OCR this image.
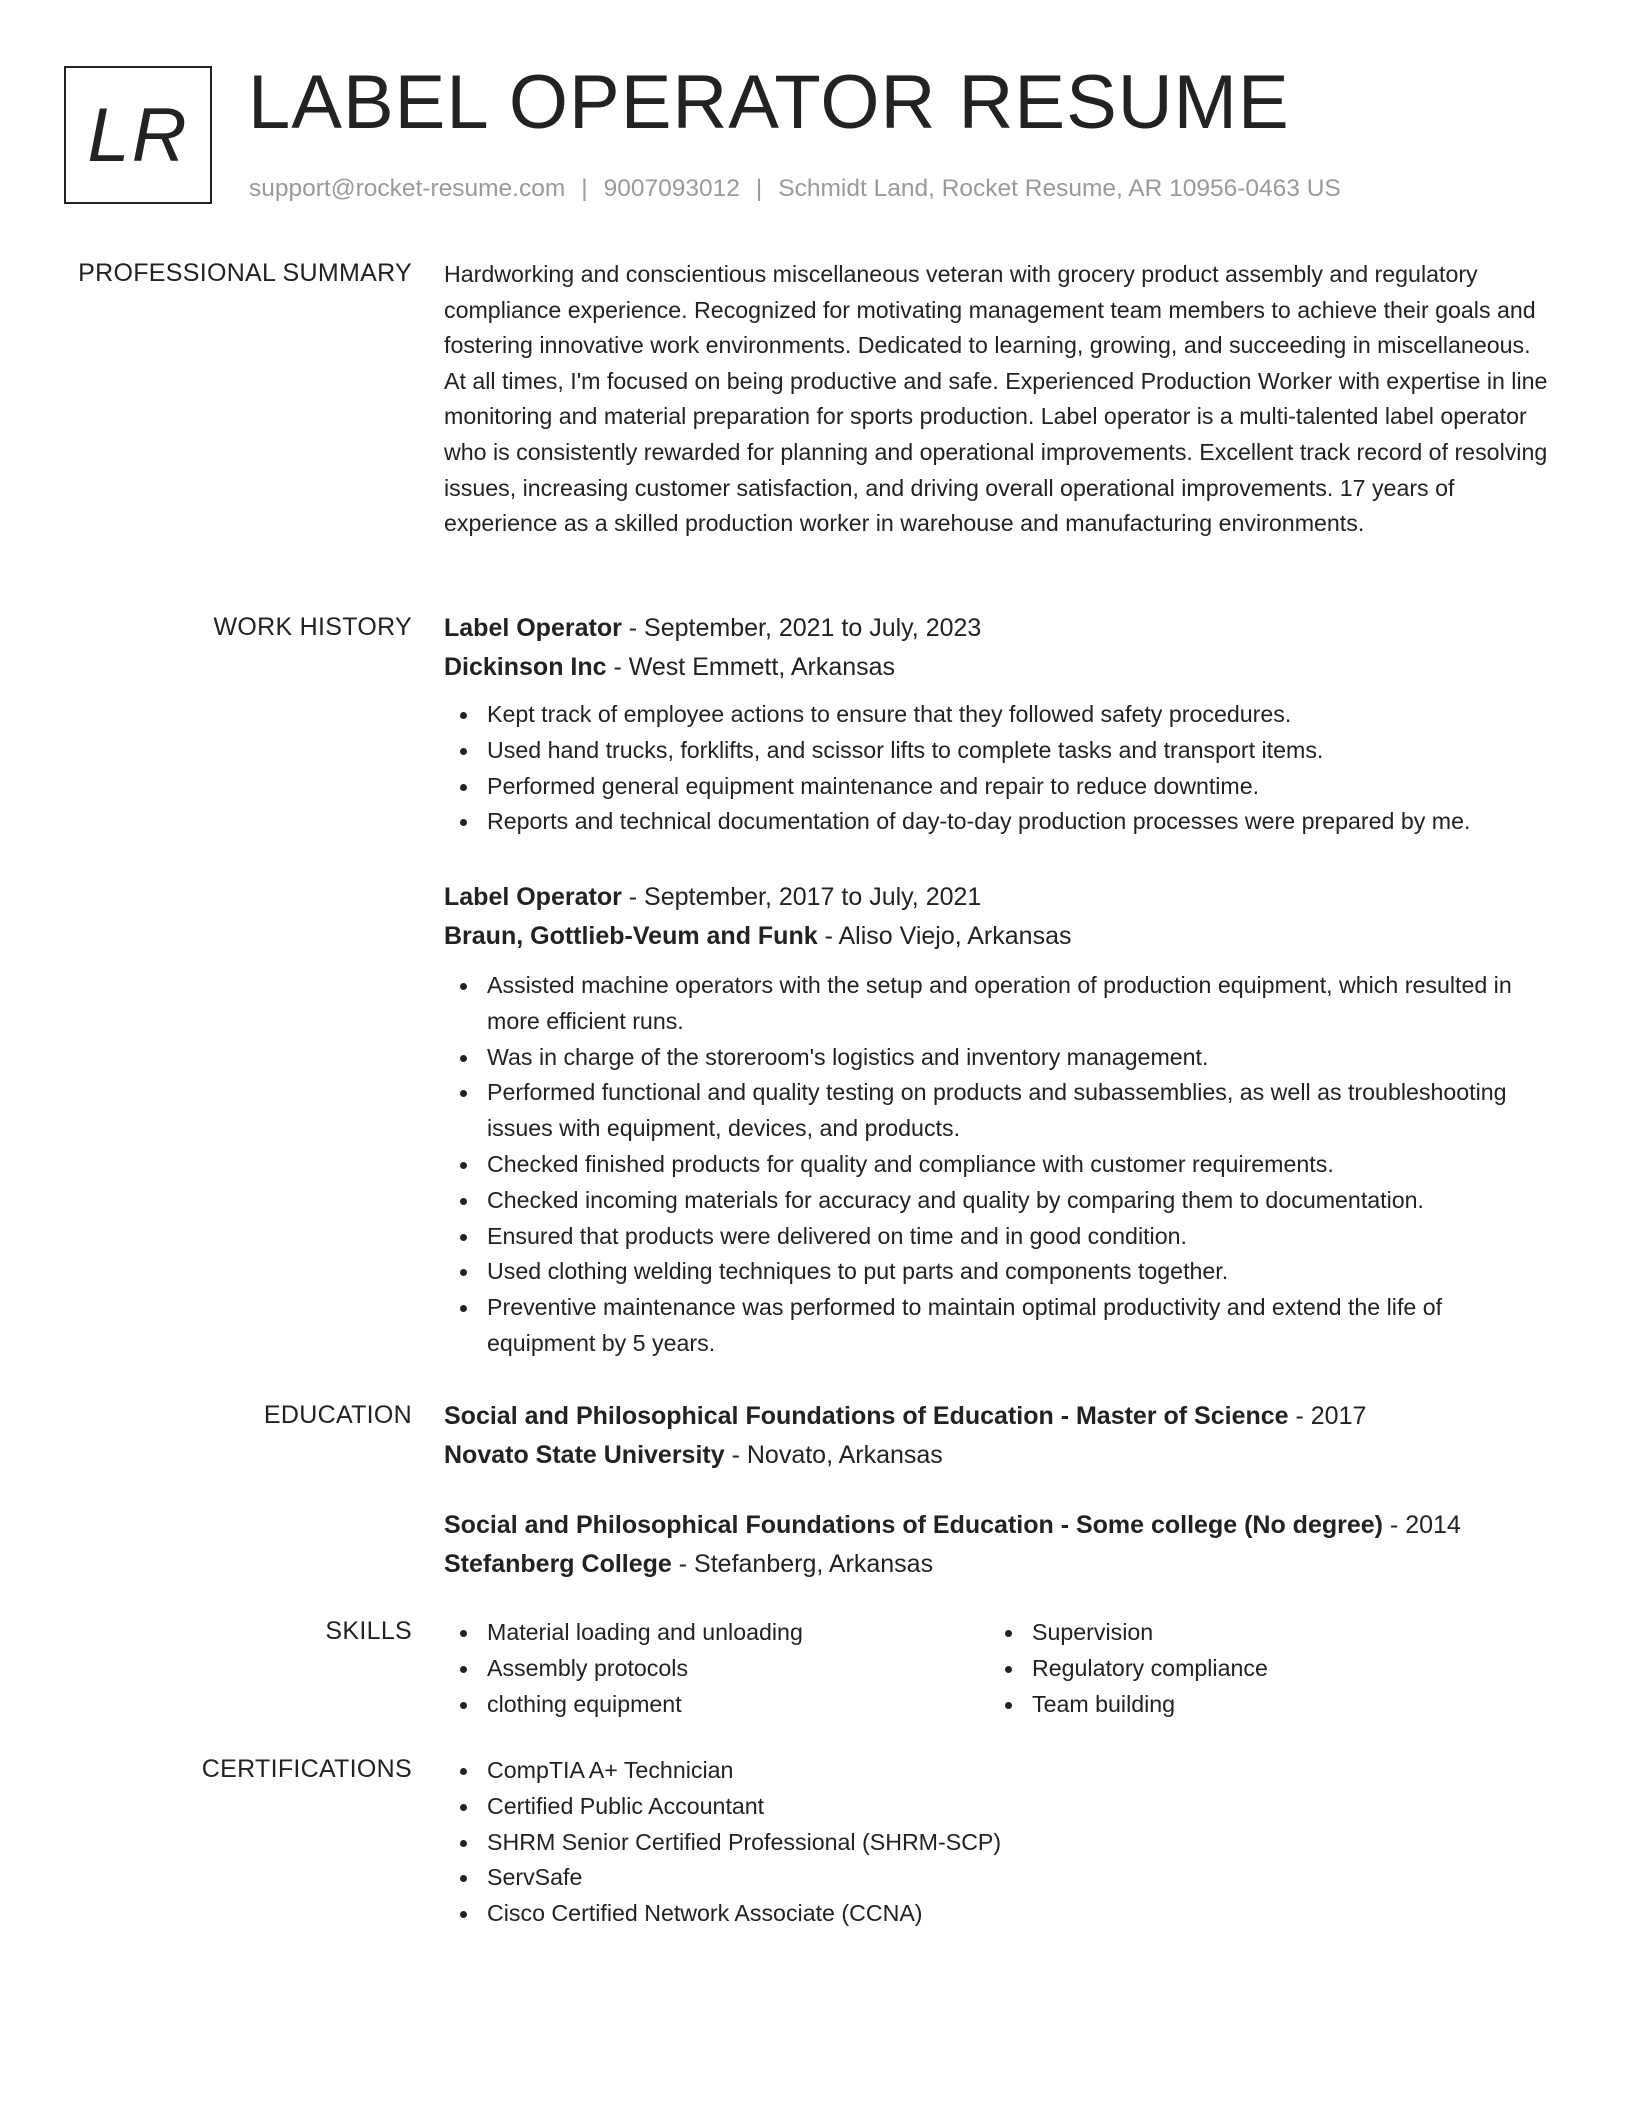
LR LABEL OPERATOR RESUME
support@rocket-resume.com | 9007093012 | Schmidt Land, Rocket Resume, AR 10956-0463 US
PROFESSIONAL SUMMARY Hardworking and conscientious miscellaneous veteran with grocery product assembly and regulatory compliance experience. Recognized for motivating management team members to achieve their goals and fostering innovative work environments. Dedicated to learning, growing, and succeeding in miscellaneous. At all times, I'm focused on being productive and safe. Experienced Production Worker with expertise in line monitoring and material preparation for sports production. Label operator is a multi-talented label operator who is consistently rewarded for planning and operational improvements. Excellent track record of resolving issues, increasing customer satisfaction, and driving overall operational improvements. 17 years of experience as a skilled production worker in warehouse and manufacturing environments.

WORK HISTORY Label Operator - September, 2021 to July, 2023
Dickinson Inc - West Emmett, Arkansas
Kept track of employee actions to ensure that they followed safety procedures.
Used hand trucks, forklifts, and scissor lifts to complete tasks and transport items.
Performed general equipment maintenance and repair to reduce downtime.
Reports and technical documentation of day-to-day production processes were prepared by me.
Label Operator - September, 2017 to July, 2021
Braun, Gottlieb-Veum and Funk - Aliso Viejo, Arkansas
Assisted machine operators with the setup and operation of production equipment, which resulted in more efficient runs.
Was in charge of the storeroom's logistics and inventory management.
Performed functional and quality testing on products and subassemblies, as well as troubleshooting issues with equipment, devices, and products.
Checked finished products for quality and compliance with customer requirements.
Checked incoming materials for accuracy and quality by comparing them to documentation.
Ensured that products were delivered on time and in good condition.
Used clothing welding techniques to put parts and components together.
Preventive maintenance was performed to maintain optimal productivity and extend the life of equipment by 5 years.
EDUCATION Social and Philosophical Foundations of Education - Master of Science - 2017
Novato State University - Novato, Arkansas
Social and Philosophical Foundations of Education - Some college (No degree) - 2014
Stefanberg College - Stefanberg, Arkansas
SKILLS	Material loading and unloading
Assembly protocols
clothing equipment
Supervision
Regulatory compliance
Team building
CERTIFICATIONS	CompTIA A+ Technician
Certified Public Accountant
SHRM Senior Certified Professional (SHRM-SCP)
ServSafe
Cisco Certified Network Associate (CCNA)
